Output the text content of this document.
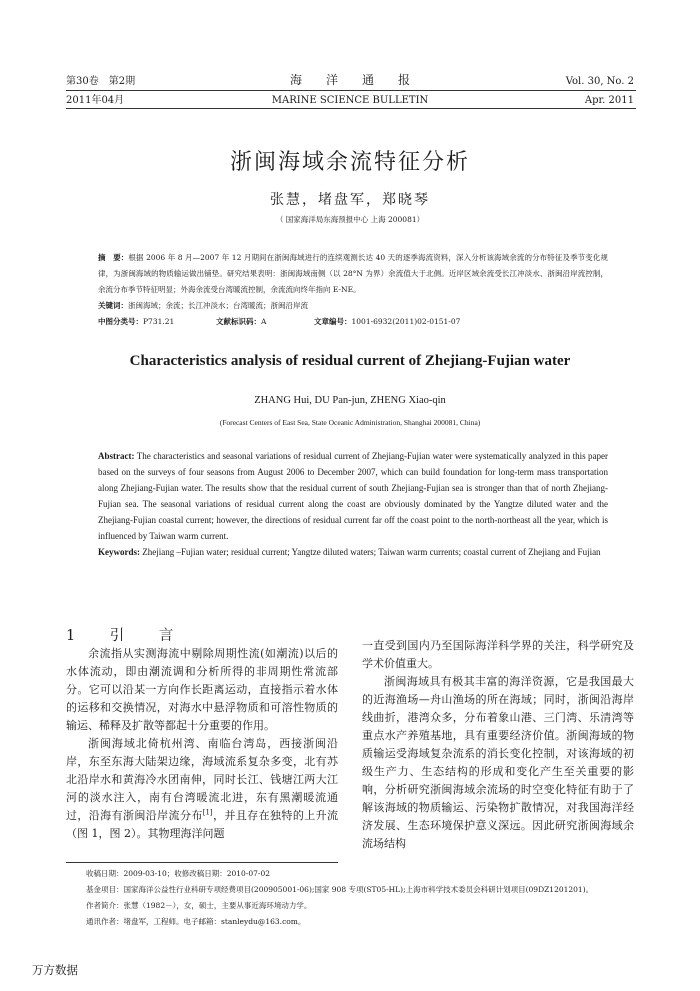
第30卷　第2期
2011年04月
海　　洋　　通　　报
MARINE SCIENCE BULLETIN
Vol. 30, No. 2
Apr. 2011
浙闽海域余流特征分析
张慧，堵盘军，郑晓琴
（ 国家海洋局东海预报中心 上海 200081）
摘　要：根据 2006 年 8 月—2007 年 12 月期间在浙闽海域进行的连续观测长达 40 天的逐季海流资料，深入分析该海域余流的分布特征及季节变化规律，为浙闽海域的物质输运做出铺垫。研究结果表明：浙闽海域南侧（以 28°N 为界）余流值大于北侧。近岸区域余流受长江冲淡水、浙闽沿岸流控制，余流分布季节特征明显；外海余流受台湾暖流控制，余流流向终年指向 E-NE。
关键词：浙闽海域；余流；长江冲淡水；台湾暖流；浙闽沿岸流
中图分类号：P731.21	文献标识码：A	文章编号：1001-6932(2011)02-0151-07
Characteristics analysis of residual current of Zhejiang-Fujian water
ZHANG Hui, DU Pan-jun, ZHENG Xiao-qin
(Forecast Centers of East Sea, State Oceanic Administration, Shanghai 200081, China)
Abstract: The characteristics and seasonal variations of residual current of Zhejiang-Fujian water were systematically analyzed in this paper based on the surveys of four seasons from August 2006 to December 2007, which can build foundation for long-term mass transportation along Zhejiang-Fujian water. The results show that the residual current of south Zhejiang-Fujian sea is stronger than that of north Zhejiang-Fujian sea. The seasonal variations of residual current along the coast are obviously dominated by the Yangtze diluted water and the Zhejiang-Fujian coastal current; however, the directions of residual current far off the coast point to the north-northeast all the year, which is influenced by Taiwan warm current.
Keywords: Zhejiang –Fujian water; residual current; Yangtze diluted waters; Taiwan warm currents; coastal current of Zhejiang and Fujian
1　引　言

余流指从实测海流中剔除周期性流(如潮流)以后的水体流动，即由潮流调和分析所得的非周期性常流部分。它可以沿某一方向作长距离运动，直接指示着水体的运移和交换情况，对海水中悬浮物质和可溶性物质的输运、稀释及扩散等都起十分重要的作用。

浙闽海域北倚杭州湾、南临台湾岛，西接浙闽沿岸，东至东海大陆架边缘，海域流系复杂多变，北有苏北沿岸水和黄海冷水团南伸，同时长江、钱塘江两大江河的淡水注入，南有台湾暖流北进，东有黑潮暖流通过，沿海有浙闽沿岸流分布[1]，并且存在独特的上升流（图 1，图 2）。其物理海洋问题

一直受到国内乃至国际海洋科学界的关注，科学研究及学术价值重大。

浙闽海域具有极其丰富的海洋资源，它是我国最大的近海渔场—舟山渔场的所在海域；同时，浙闽沿海岸线曲折，港湾众多，分布着象山港、三门湾、乐清湾等重点水产养殖基地，具有重要经济价值。浙闽海域的物质输运受海域复杂流系的消长变化控制，对该海域的初级生产力、生态结构的形成和变化产生至关重要的影响，分析研究浙闽海域余流场的时空变化特征有助于了解该海域的物质输运、污染物扩散情况，对我国海洋经济发展、生态环境保护意义深远。因此研究浙闽海域余流场结构

收稿日期：2009-03-10；收修改稿日期：2010-07-02
基金项目：国家海洋公益性行业科研专项经费项目(200905001-06);国家 908 专项(ST05-HL);上海市科学技术委员会科研计划项目(09DZ1201201)。
作者简介：张慧（1982－），女，硕士，主要从事近海环境动力学。
通讯作者：堵盘军，工程师。电子邮箱：stanleydu@163.com。
万方数据
